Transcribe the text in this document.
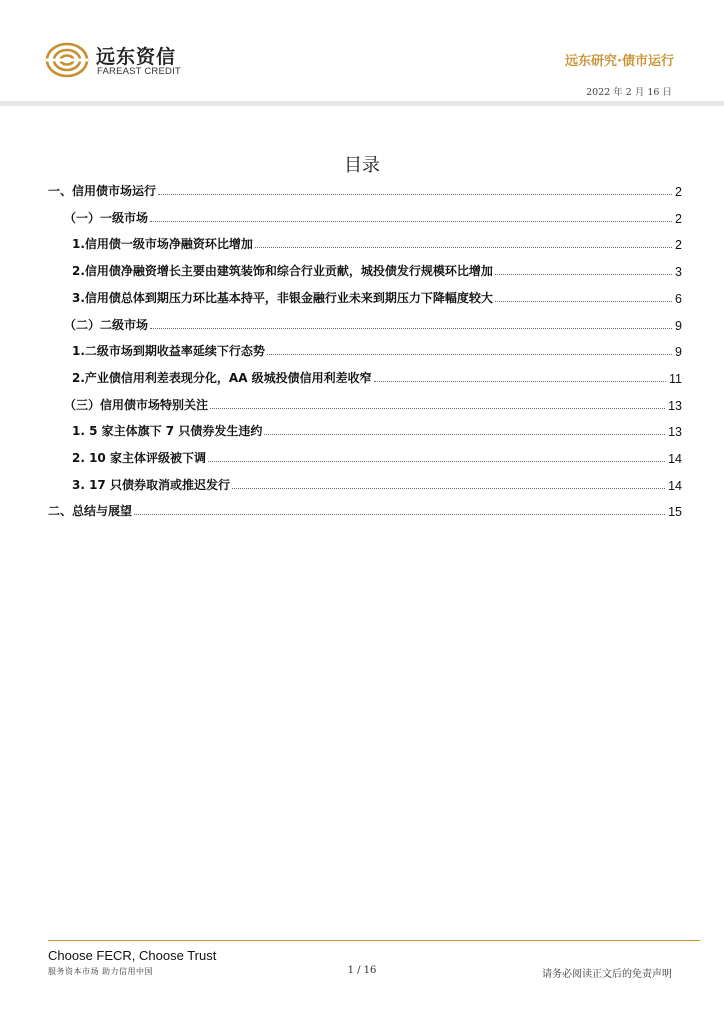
远东资信
FAREAST CREDIT
远东研究·债市运行
2022 年 2 月 16 日
目录
一、信用债市场运行	2
（一）一级市场	2
1.信用债一级市场净融资环比增加	2
2.信用债净融资增长主要由建筑装饰和综合行业贡献，城投债发行规模环比增加	3
3.信用债总体到期压力环比基本持平，非银金融行业未来到期压力下降幅度较大	6
（二）二级市场	9
1.二级市场到期收益率延续下行态势	9
2.产业债信用利差表现分化，AA 级城投债信用利差收窄	11
（三）信用债市场特别关注	13
1. 5 家主体旗下 7 只债券发生违约	13
2. 10 家主体评级被下调	14
3. 17 只债券取消或推迟发行	14
二、总结与展望	15
Choose FECR, Choose Trust
服务资本市场 助力信用中国	1 / 16	请务必阅读正文后的免责声明
